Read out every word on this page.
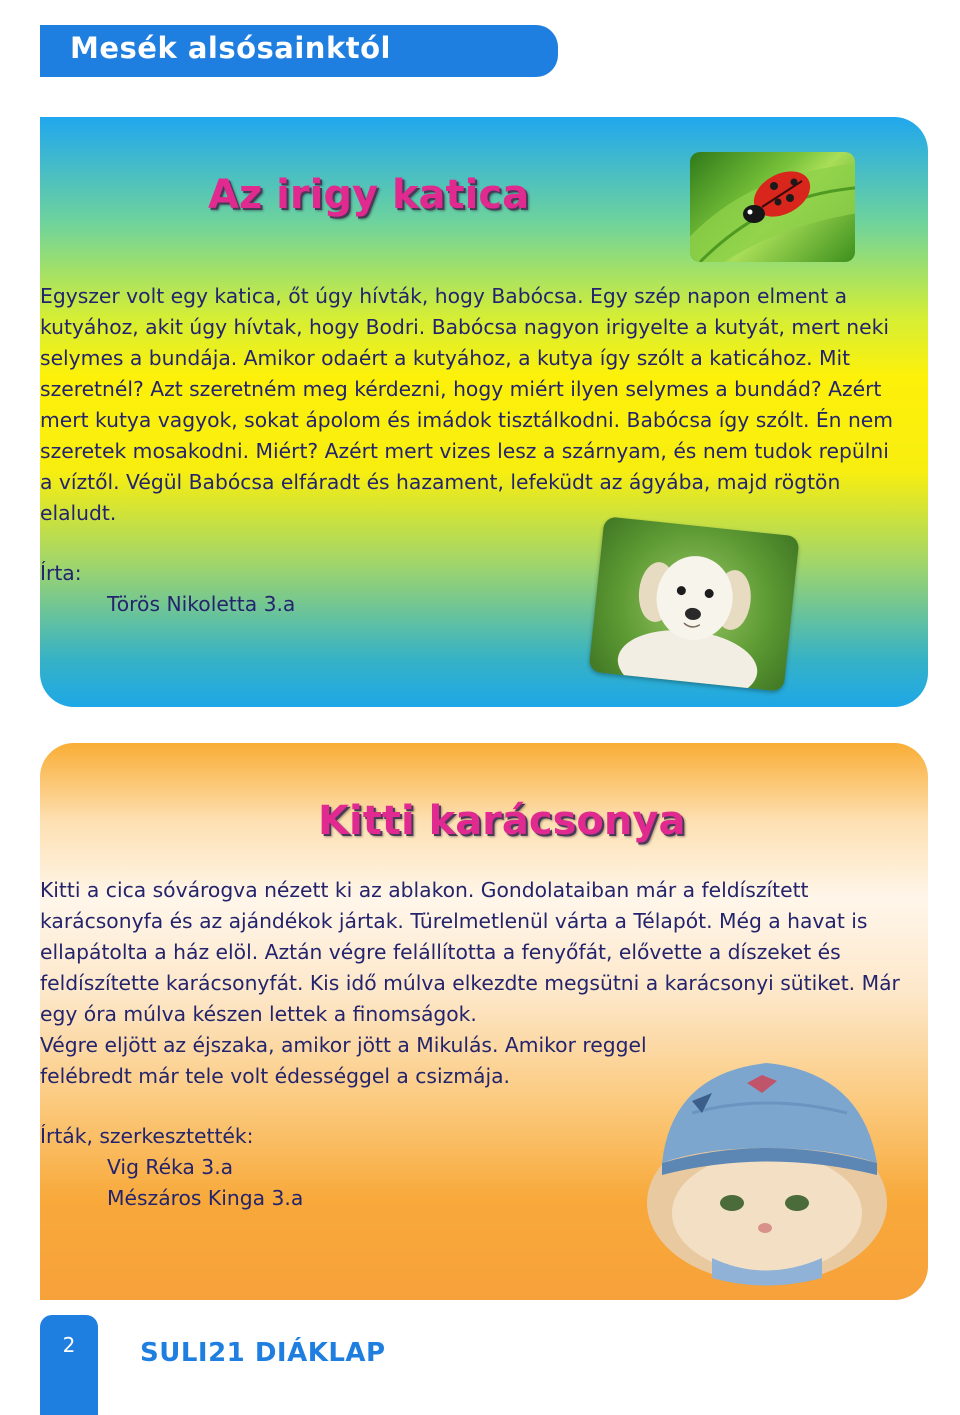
Mesék alsósainktól
Az irigy katica

Egyszer volt egy katica, őt úgy hívták, hogy Babócsa. Egy szép napon elment a
kutyához, akit úgy hívtak, hogy Bodri. Babócsa nagyon irigyelte a kutyát, mert neki
selymes a bundája. Amikor odaért a kutyához, a kutya így szólt a katicához. Mit
szeretnél? Azt szeretném meg kérdezni, hogy miért ilyen selymes a bundád? Azért
mert kutya vagyok, sokat ápolom és imádok tisztálkodni. Babócsa így szólt. Én nem
szeretek mosakodni. Miért? Azért mert vizes lesz a szárnyam, és nem tudok repülni
a víztől. Végül Babócsa elfáradt és hazament, lefeküdt az ágyába, majd rögtön
elaludt.

Írta:

Törös Nikoletta 3.a

Kitti karácsonya

Kitti a cica sóvárogva nézett ki az ablakon. Gondolataiban már a feldíszített
karácsonyfa és az ajándékok jártak. Türelmetlenül várta a Télapót. Még a havat is
ellapátolta a ház elöl. Aztán végre felállította a fenyőfát, elővette a díszeket és
feldíszítette karácsonyfát. Kis idő múlva elkezdte megsütni a karácsonyi sütiket. Már
egy óra múlva készen lettek a finomságok.
Végre eljött az éjszaka, amikor jött a Mikulás. Amikor reggel
felébredt már tele volt édességgel a csizmája.

Írták, szerkesztették:

Vig Réka 3.a

Mészáros Kinga 3.a

2	SULI21 DIÁKLAP
